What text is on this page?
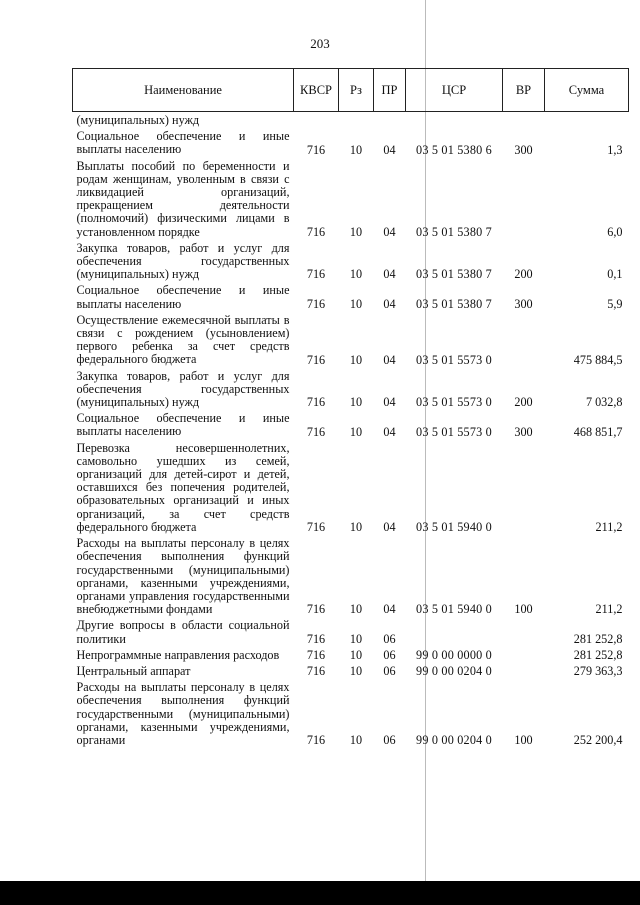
203
Наименование	КВСР	Рз	ПР	ЦСР	ВР	Сумма
(муниципальных) нужд						
Социальное обеспечение и иные выплаты населению	716	10	04	03 5 01 5380 6	300	1,3
Выплаты пособий по беременности и родам женщинам, уволенным в связи с ликвидацией организаций, прекращением деятельности (полномочий) физическими лицами в установленном порядке	716	10	04	03 5 01 5380 7		6,0
Закупка товаров, работ и услуг для обеспечения государственных (муниципальных) нужд	716	10	04	03 5 01 5380 7	200	0,1
Социальное обеспечение и иные выплаты населению	716	10	04	03 5 01 5380 7	300	5,9
Осуществление ежемесячной выплаты в связи с рождением (усыновлением) первого ребенка за счет средств федерального бюджета	716	10	04	03 5 01 5573 0		475 884,5
Закупка товаров, работ и услуг для обеспечения государственных (муниципальных) нужд	716	10	04	03 5 01 5573 0	200	7 032,8
Социальное обеспечение и иные выплаты населению	716	10	04	03 5 01 5573 0	300	468 851,7
Перевозка несовершеннолетних, самовольно ушедших из семей, организаций для детей-сирот и детей, оставшихся без попечения родителей, образовательных организаций и иных организаций, за счет средств федерального бюджета	716	10	04	03 5 01 5940 0		211,2
Расходы на выплаты персоналу в целях обеспечения выполнения функций государственными (муниципальными) органами, казенными учреждениями, органами управления государственными внебюджетными фондами	716	10	04	03 5 01 5940 0	100	211,2
Другие вопросы в области социальной политики	716	10	06			281 252,8
Непрограммные направления расходов	716	10	06	99 0 00 0000 0		281 252,8
Центральный аппарат	716	10	06	99 0 00 0204 0		279 363,3
Расходы на выплаты персоналу в целях обеспечения выполнения функций государственными (муниципальными) органами, казенными учреждениями, органами	716	10	06	99 0 00 0204 0	100	252 200,4
